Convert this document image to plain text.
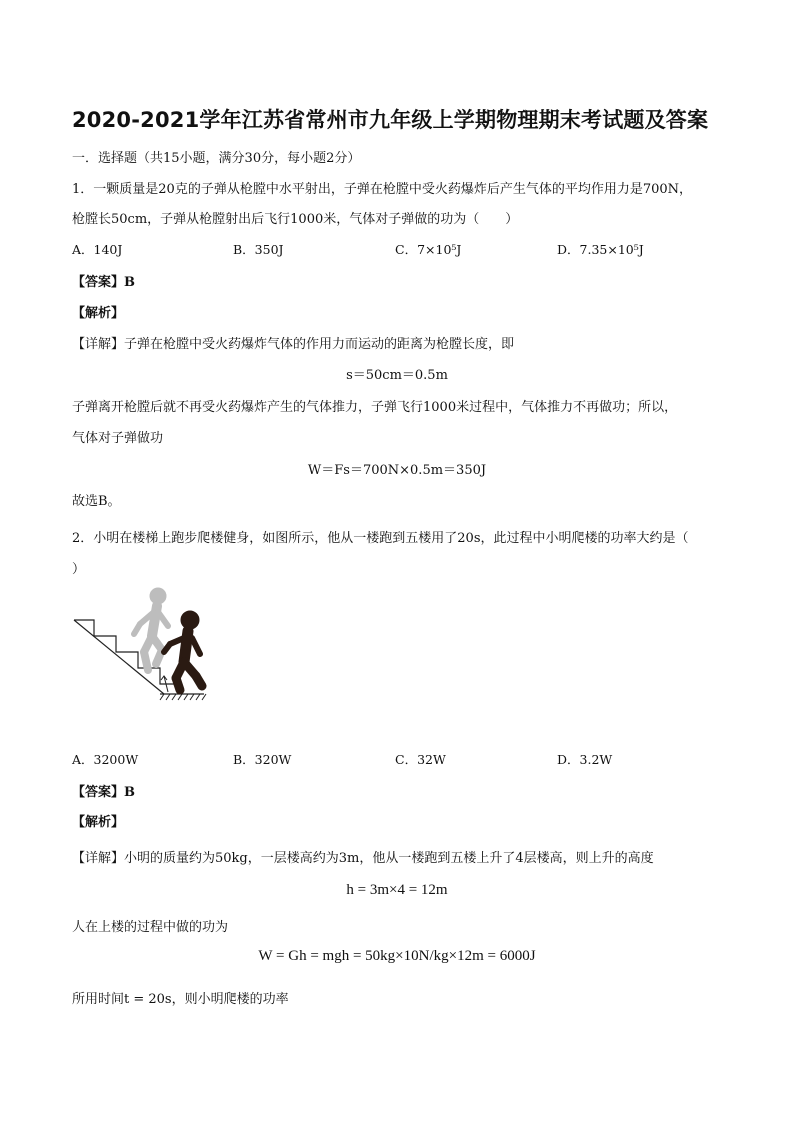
2020-2021学年江苏省常州市九年级上学期物理期末考试题及答案
一．选择题（共15小题，满分30分，每小题2分）
1．一颗质量是20克的子弹从枪膛中水平射出，子弹在枪膛中受火药爆炸后产生气体的平均作用力是700N，
枪膛长50cm，子弹从枪膛射出后飞行1000米，气体对子弹做的功为（　　）
A．140J	B．350J	C．7×10⁵J	D．7.35×10⁵J
【答案】B
【解析】
【详解】子弹在枪膛中受火药爆炸气体的作用力而运动的距离为枪膛长度，即
s＝50cm＝0.5m
子弹离开枪膛后就不再受火药爆炸产生的气体推力，子弹飞行1000米过程中，气体推力不再做功；所以，
气体对子弹做功
W＝Fs＝700N×0.5m＝350J
故选B。
2．小明在楼梯上跑步爬楼健身，如图所示，他从一楼跑到五楼用了20s，此过程中小明爬楼的功率大约是（
）
A．3200W	B．320W	C．32W	D．3.2W
【答案】B
【解析】
【详解】小明的质量约为50kg，一层楼高约为3m，他从一楼跑到五楼上升了4层楼高，则上升的高度
h = 3m×4 = 12m
人在上楼的过程中做的功为
W = Gh = mgh = 50kg×10N/kg×12m = 6000J
所用时间t = 20s，则小明爬楼的功率
